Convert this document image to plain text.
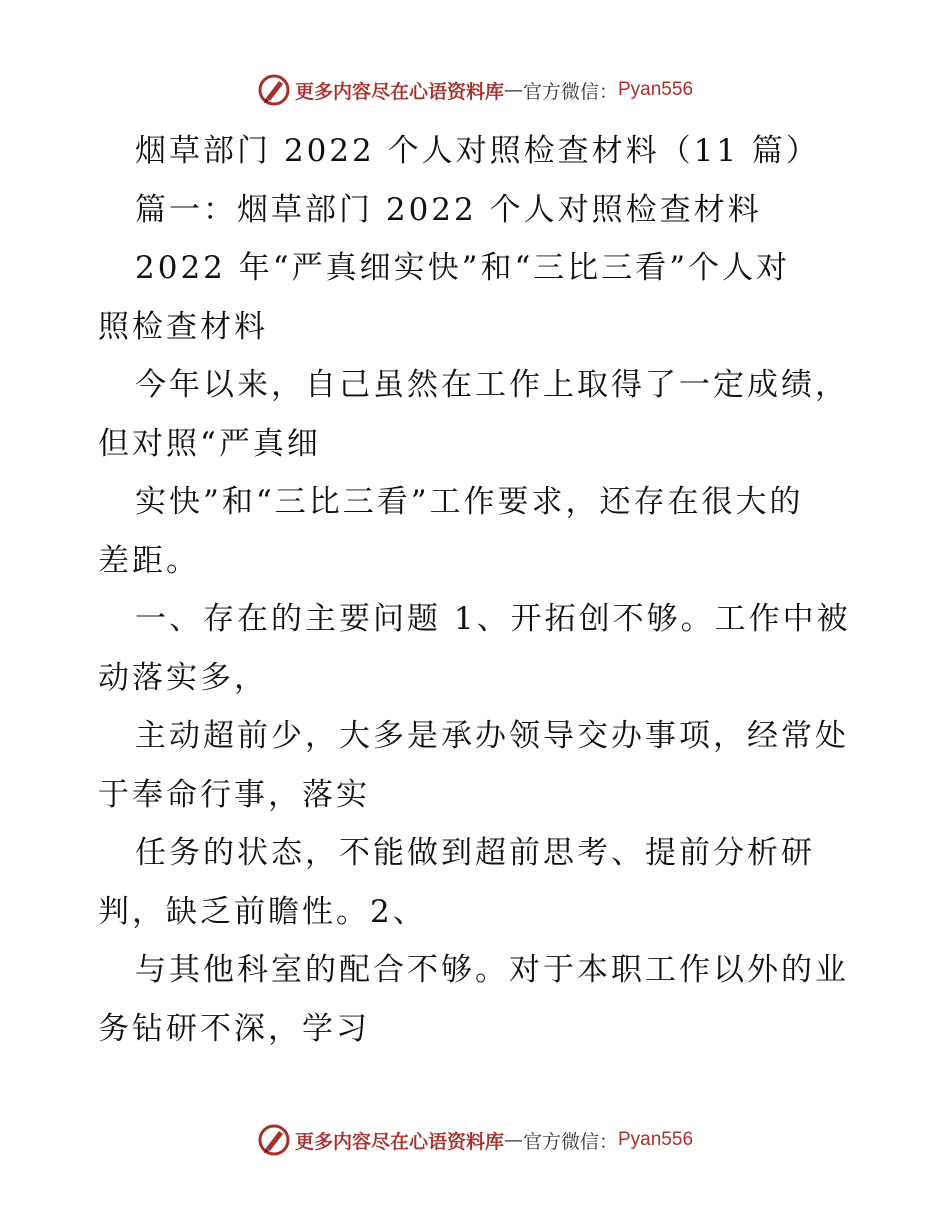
更多内容尽在心语资料库 — 官方微信： Pyan556
烟草部门 2022 个人对照检查材料（11 篇）
篇一：烟草部门 2022 个人对照检查材料
2022 年“严真细实快”和“三比三看”个人对
照检查材料
今年以来，自己虽然在工作上取得了一定成绩，
但对照“严真细
实快”和“三比三看”工作要求，还存在很大的
差距。
一、存在的主要问题 1、开拓创不够。工作中被
动落实多，
主动超前少，大多是承办领导交办事项，经常处
于奉命行事，落实
任务的状态，不能做到超前思考、提前分析研
判，缺乏前瞻性。2、
与其他科室的配合不够。对于本职工作以外的业
务钻研不深，学习
更多内容尽在心语资料库 — 官方微信： Pyan556
